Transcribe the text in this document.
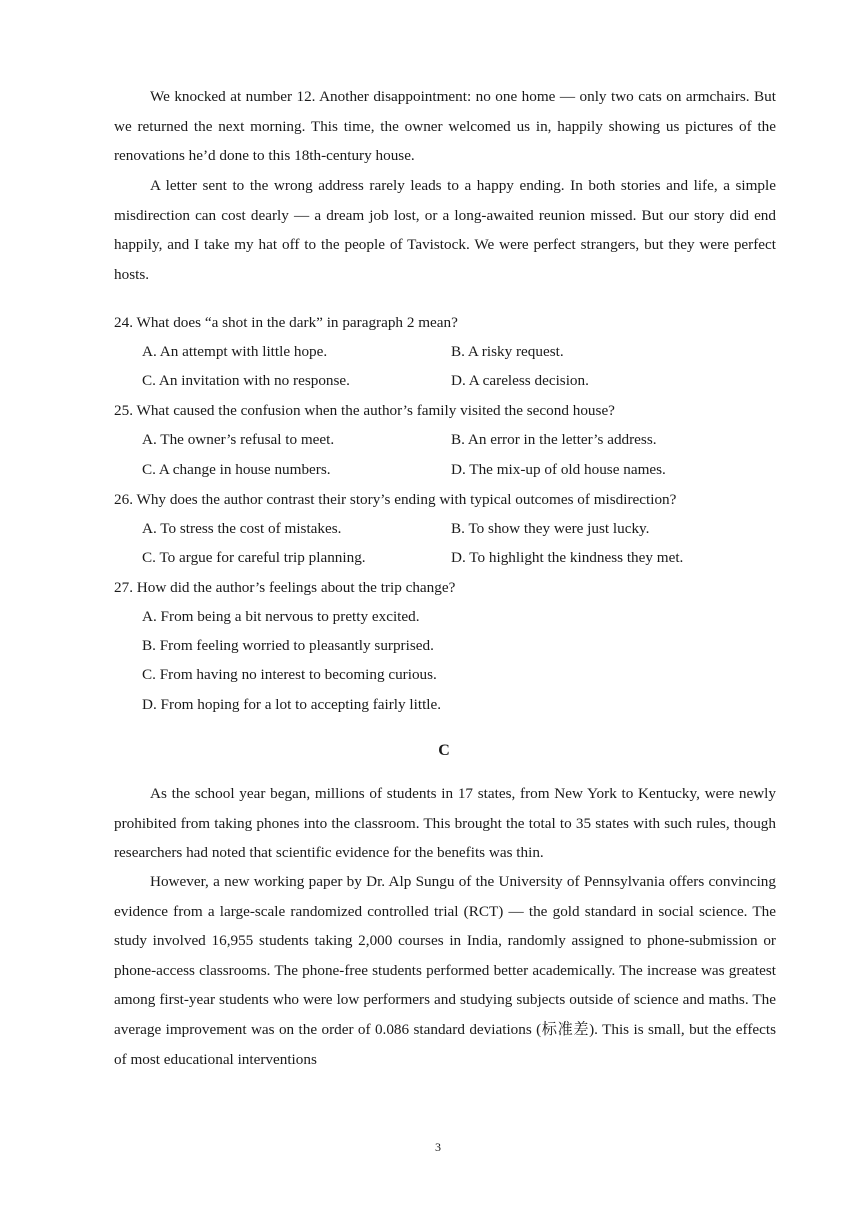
We knocked at number 12. Another disappointment: no one home — only two cats on armchairs. But we returned the next morning. This time, the owner welcomed us in, happily showing us pictures of the renovations he’d done to this 18th-century house.

A letter sent to the wrong address rarely leads to a happy ending. In both stories and life, a simple misdirection can cost dearly — a dream job lost, or a long-awaited reunion missed. But our story did end happily, and I take my hat off to the people of Tavistock. We were perfect strangers, but they were perfect hosts.

24. What does “a shot in the dark” in paragraph 2 mean?

A. An attempt with little hope.	B. A risky request.

C. An invitation with no response.	D. A careless decision.

25. What caused the confusion when the author’s family visited the second house?

A. The owner’s refusal to meet.	B. An error in the letter’s address.

C. A change in house numbers.	D. The mix-up of old house names.

26. Why does the author contrast their story’s ending with typical outcomes of misdirection?

A. To stress the cost of mistakes.	B. To show they were just lucky.

C. To argue for careful trip planning.	D. To highlight the kindness they met.

27. How did the author’s feelings about the trip change?

A. From being a bit nervous to pretty excited.

B. From feeling worried to pleasantly surprised.

C. From having no interest to becoming curious.

D. From hoping for a lot to accepting fairly little.

C

As the school year began, millions of students in 17 states, from New York to Kentucky, were newly prohibited from taking phones into the classroom. This brought the total to 35 states with such rules, though researchers had noted that scientific evidence for the benefits was thin.

However, a new working paper by Dr. Alp Sungu of the University of Pennsylvania offers convincing evidence from a large-scale randomized controlled trial (RCT) — the gold standard in social science. The study involved 16,955 students taking 2,000 courses in India, randomly assigned to phone-submission or phone-access classrooms. The phone-free students performed better academically. The increase was greatest among first-year students who were low performers and studying subjects outside of science and maths. The average improvement was on the order of 0.086 standard deviations (标准差). This is small, but the effects of most educational interventions

3
